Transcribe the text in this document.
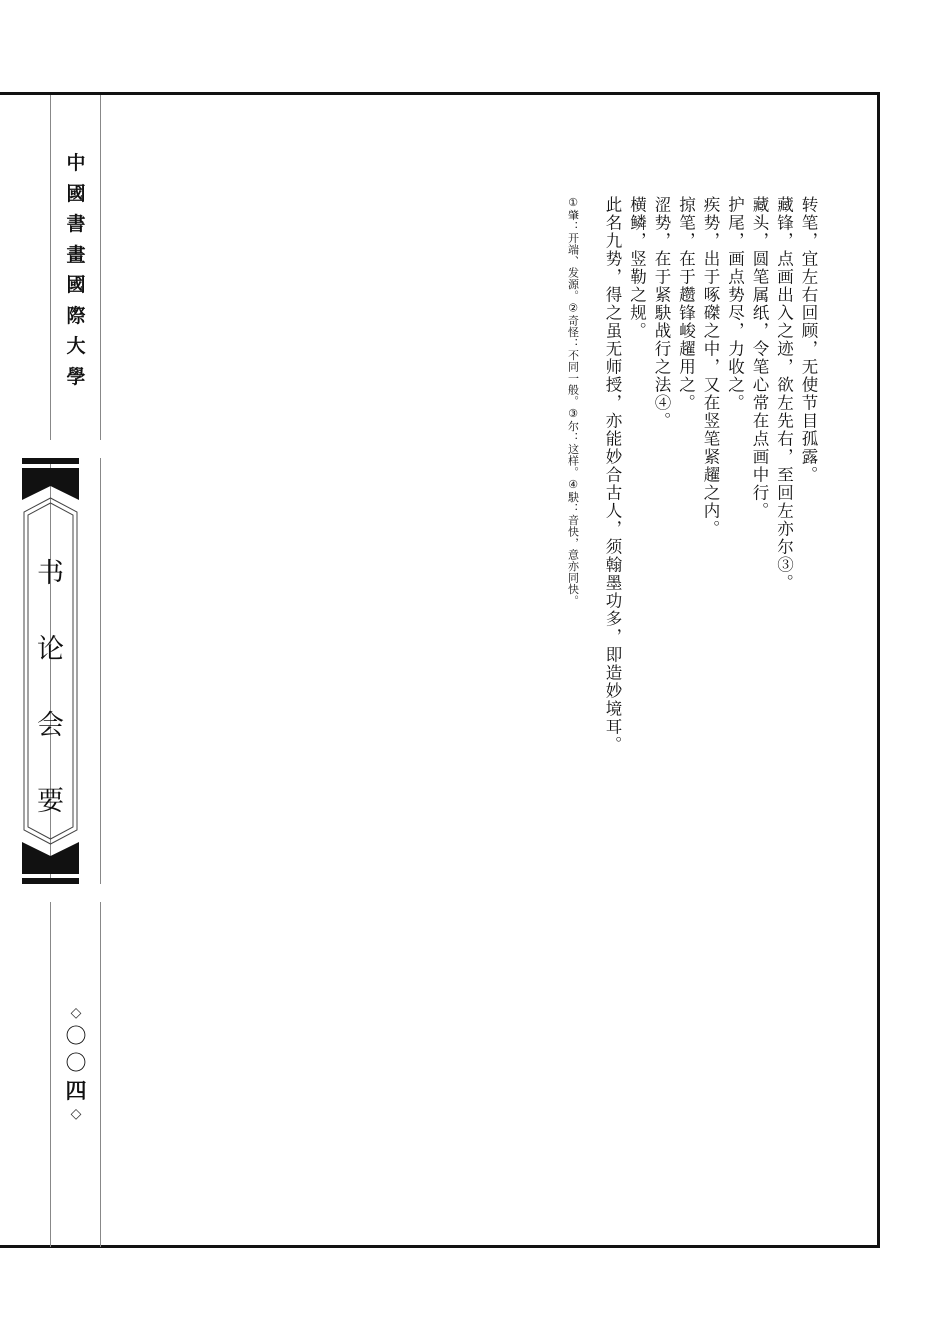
中
國
書
畫
國
際
大
學
书
论
会
要
◇
〇
〇
四
◇
转笔，宜左右回顾，无使节目孤露。
藏锋，点画出入之迹，欲左先右，至回左亦尔③。
藏头，圆笔属纸，令笔心常在点画中行。
护尾，画点势尽，力收之。
疾势，出于啄磔之中，又在竖笔紧趯之内。
掠笔，在于趱锋峻趯用之。
涩势，在于紧駃战行之法④。
横鳞，竖勒之规。
此名九势，得之虽无师授，亦能妙合古人，须翰墨功多，即造妙境耳。
①肇：开端、发源。②奇怪：不同一般。③尔：这样。④駃：音快，意亦同快。
